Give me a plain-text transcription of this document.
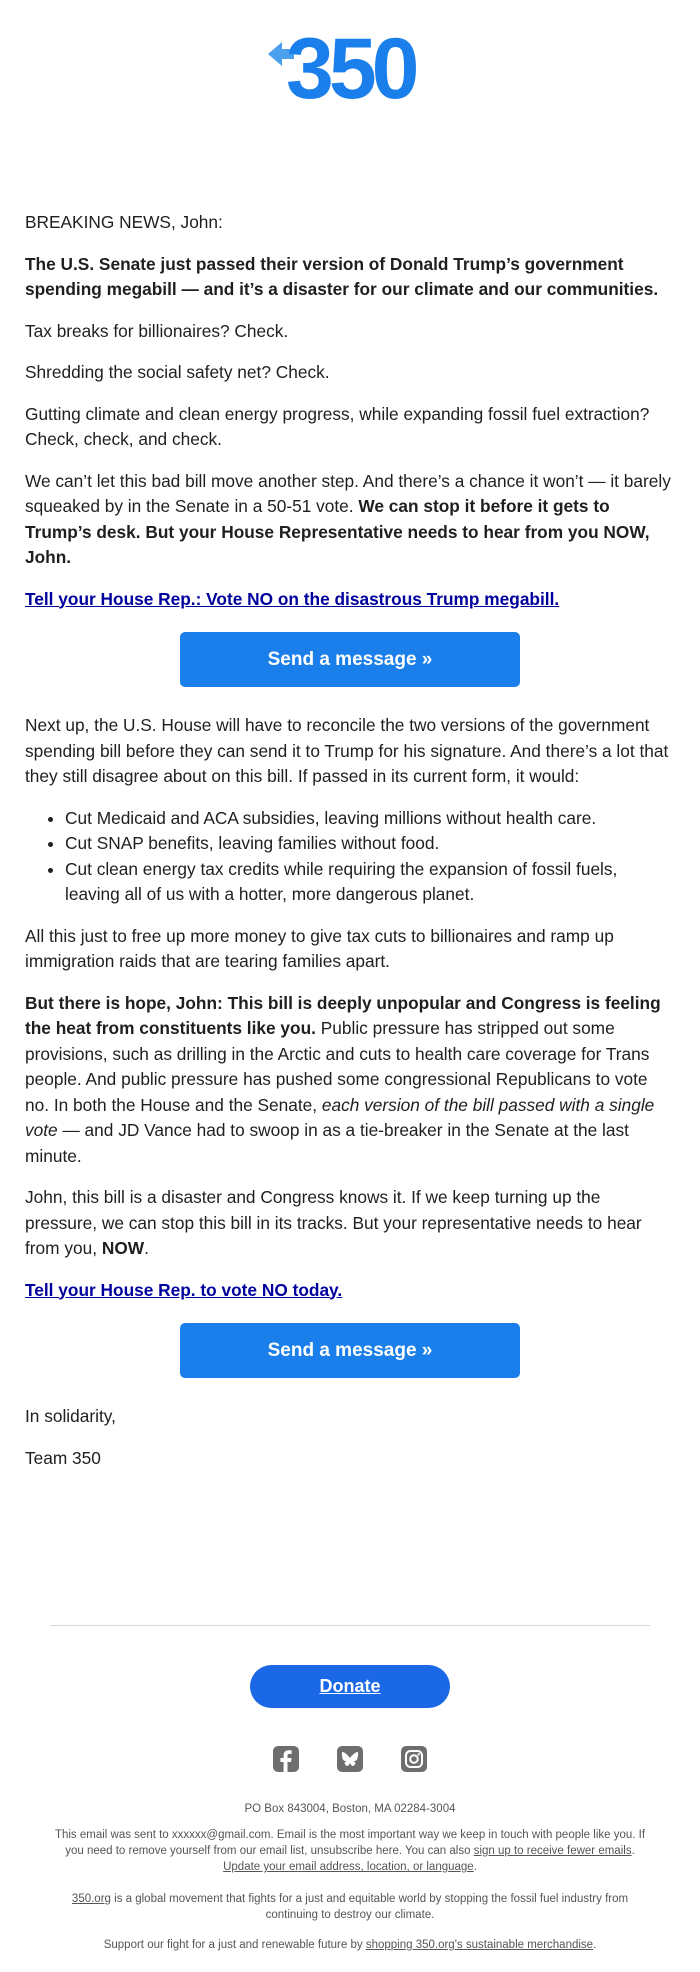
350

BREAKING NEWS, John:

The U.S. Senate just passed their version of Donald Trump’s government spending megabill — and it’s a disaster for our climate and our communities.

Tax breaks for billionaires? Check.

Shredding the social safety net? Check.

Gutting climate and clean energy progress, while expanding fossil fuel extraction? Check, check, and check.

We can’t let this bad bill move another step. And there’s a chance it won’t — it barely squeaked by in the Senate in a 50-51 vote. We can stop it before it gets to Trump’s desk. But your House Representative needs to hear from you NOW, John.

Tell your House Rep.: Vote NO on the disastrous Trump megabill.

Send a message »

Next up, the U.S. House will have to reconcile the two versions of the government spending bill before they can send it to Trump for his signature. And there’s a lot that they still disagree about on this bill. If passed in its current form, it would:

• Cut Medicaid and ACA subsidies, leaving millions without health care.
• Cut SNAP benefits, leaving families without food.
• Cut clean energy tax credits while requiring the expansion of fossil fuels, leaving all of us with a hotter, more dangerous planet.

All this just to free up more money to give tax cuts to billionaires and ramp up immigration raids that are tearing families apart.

But there is hope, John: This bill is deeply unpopular and Congress is feeling the heat from constituents like you. Public pressure has stripped out some provisions, such as drilling in the Arctic and cuts to health care coverage for Trans people. And public pressure has pushed some congressional Republicans to vote no. In both the House and the Senate, each version of the bill passed with a single vote — and JD Vance had to swoop in as a tie-breaker in the Senate at the last minute.

John, this bill is a disaster and Congress knows it. If we keep turning up the pressure, we can stop this bill in its tracks. But your representative needs to hear from you, NOW.

Tell your House Rep. to vote NO today.

Send a message »

In solidarity,

Team 350

Donate
PO Box 843004, Boston, MA 02284-3004
This email was sent to xxxxxx@gmail.com. Email is the most important way we keep in touch with people like you. If you need to remove yourself from our email list, unsubscribe here. You can also sign up to receive fewer emails. Update your email address, location, or language.
350.org is a global movement that fights for a just and equitable world by stopping the fossil fuel industry from continuing to destroy our climate.
Support our fight for a just and renewable future by shopping 350.org's sustainable merchandise.
